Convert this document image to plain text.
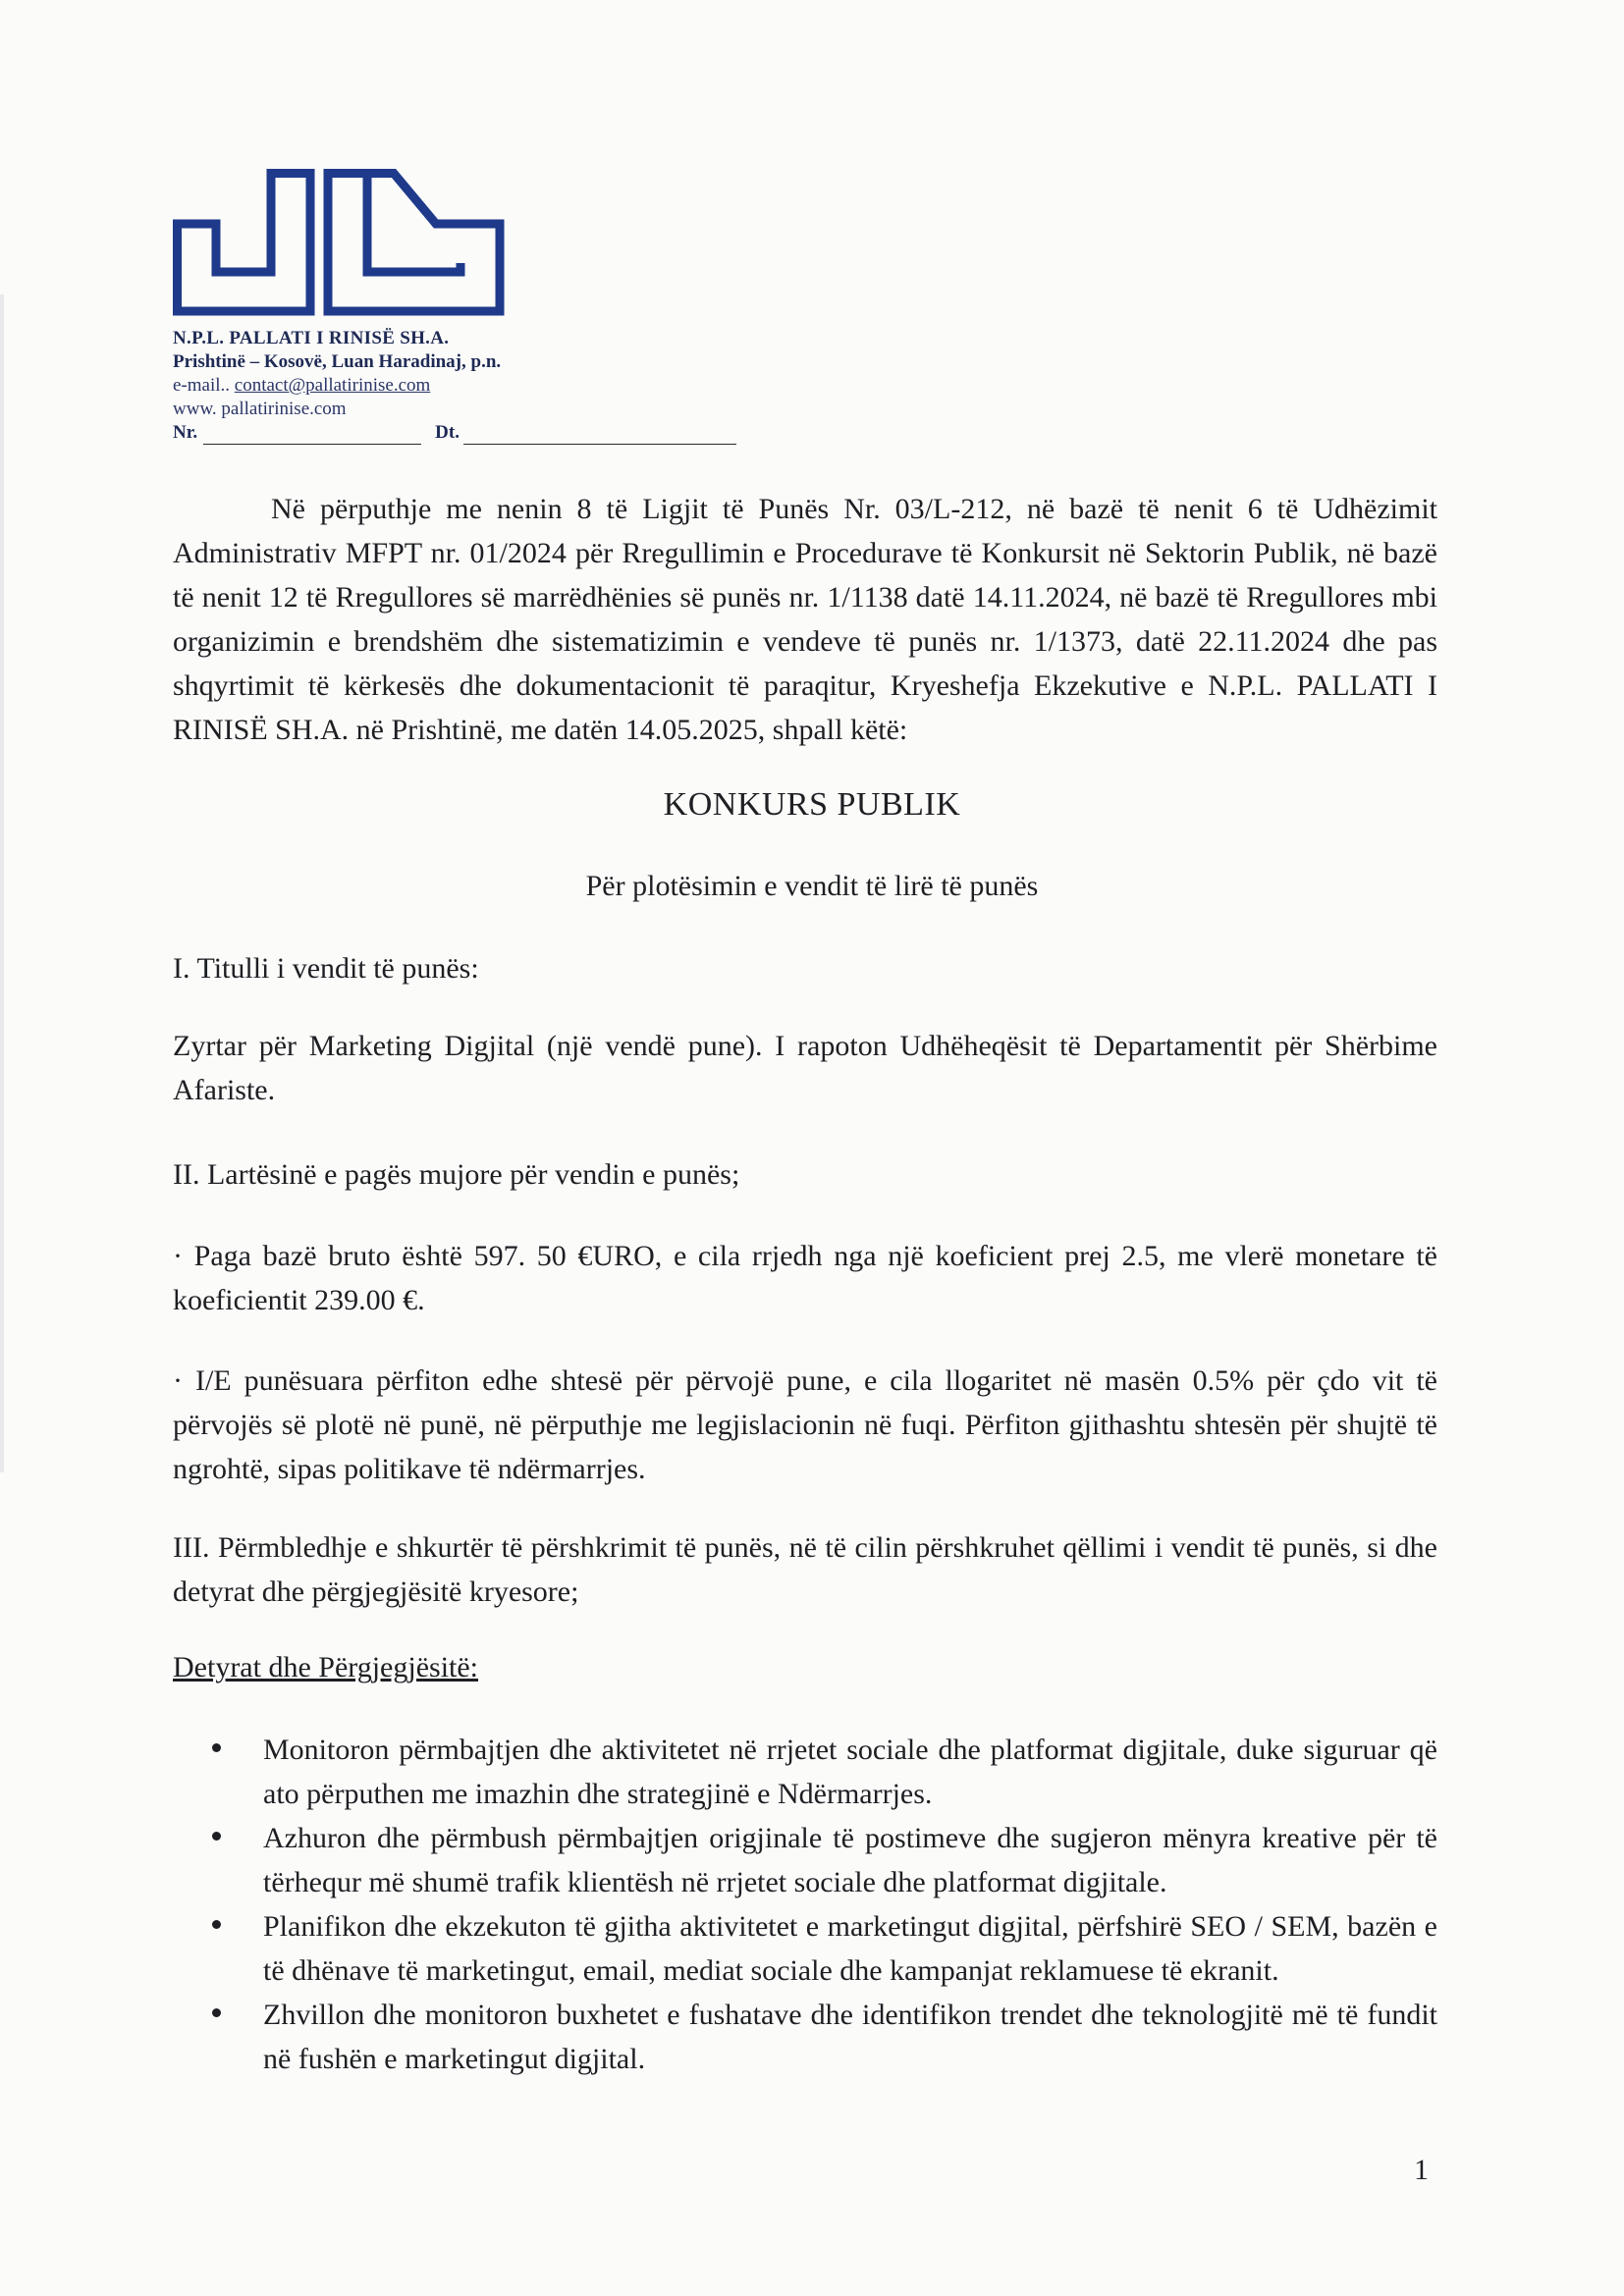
N.P.L. PALLATI I RINISË SH.A.
Prishtinë – Kosovë, Luan Haradinaj, p.n.
e-mail.. contact@pallatirinise.com
www. pallatirinise.com
Nr.	Dt.

Në përputhje me nenin 8 të Ligjit të Punës Nr. 03/L-212, në bazë të nenit 6 të Udhëzimit Administrativ MFPT nr. 01/2024 për Rregullimin e Procedurave të Konkursit në Sektorin Publik, në bazë të nenit 12 të Rregullores së marrëdhënies së punës nr. 1/1138 datë 14.11.2024, në bazë të Rregullores mbi organizimin e brendshëm dhe sistematizimin e vendeve të punës nr. 1/1373, datë 22.11.2024 dhe pas shqyrtimit të kërkesës dhe dokumentacionit të paraqitur, Kryeshefja Ekzekutive e N.P.L. PALLATI I RINISË SH.A. në Prishtinë, me datën 14.05.2025, shpall këtë:

KONKURS PUBLIK
Për plotësimin e vendit të lirë të punës
I. Titulli i vendit të punës:
Zyrtar për Marketing Digjital (një vendë pune). I rapoton Udhëheqësit të Departamentit për Shërbime Afariste.
II. Lartësinë e pagës mujore për vendin e punës;
· Paga bazë bruto është 597. 50 €URO, e cila rrjedh nga një koeficient prej 2.5, me vlerë monetare të koeficientit 239.00 €.
· I/E punësuara përfiton edhe shtesë për përvojë pune, e cila llogaritet në masën 0.5% për çdo vit të përvojës së plotë në punë, në përputhje me legjislacionin në fuqi. Përfiton gjithashtu shtesën për shujtë të ngrohtë, sipas politikave të ndërmarrjes.
III. Përmbledhje e shkurtër të përshkrimit të punës, në të cilin përshkruhet qëllimi i vendit të punës, si dhe detyrat dhe përgjegjësitë kryesore;
Detyrat dhe Përgjegjësitë:
Monitoron përmbajtjen dhe aktivitetet në rrjetet sociale dhe platformat digjitale, duke siguruar që ato përputhen me imazhin dhe strategjinë e Ndërmarrjes.
Azhuron dhe përmbush përmbajtjen origjinale të postimeve dhe sugjeron mënyra kreative për të tërhequr më shumë trafik klientësh në rrjetet sociale dhe platformat digjitale.
Planifikon dhe ekzekuton të gjitha aktivitetet e marketingut digjital, përfshirë SEO / SEM, bazën e të dhënave të marketingut, email, mediat sociale dhe kampanjat reklamuese të ekranit.
Zhvillon dhe monitoron buxhetet e fushatave dhe identifikon trendet dhe teknologjitë më të fundit në fushën e marketingut digjital.
1
